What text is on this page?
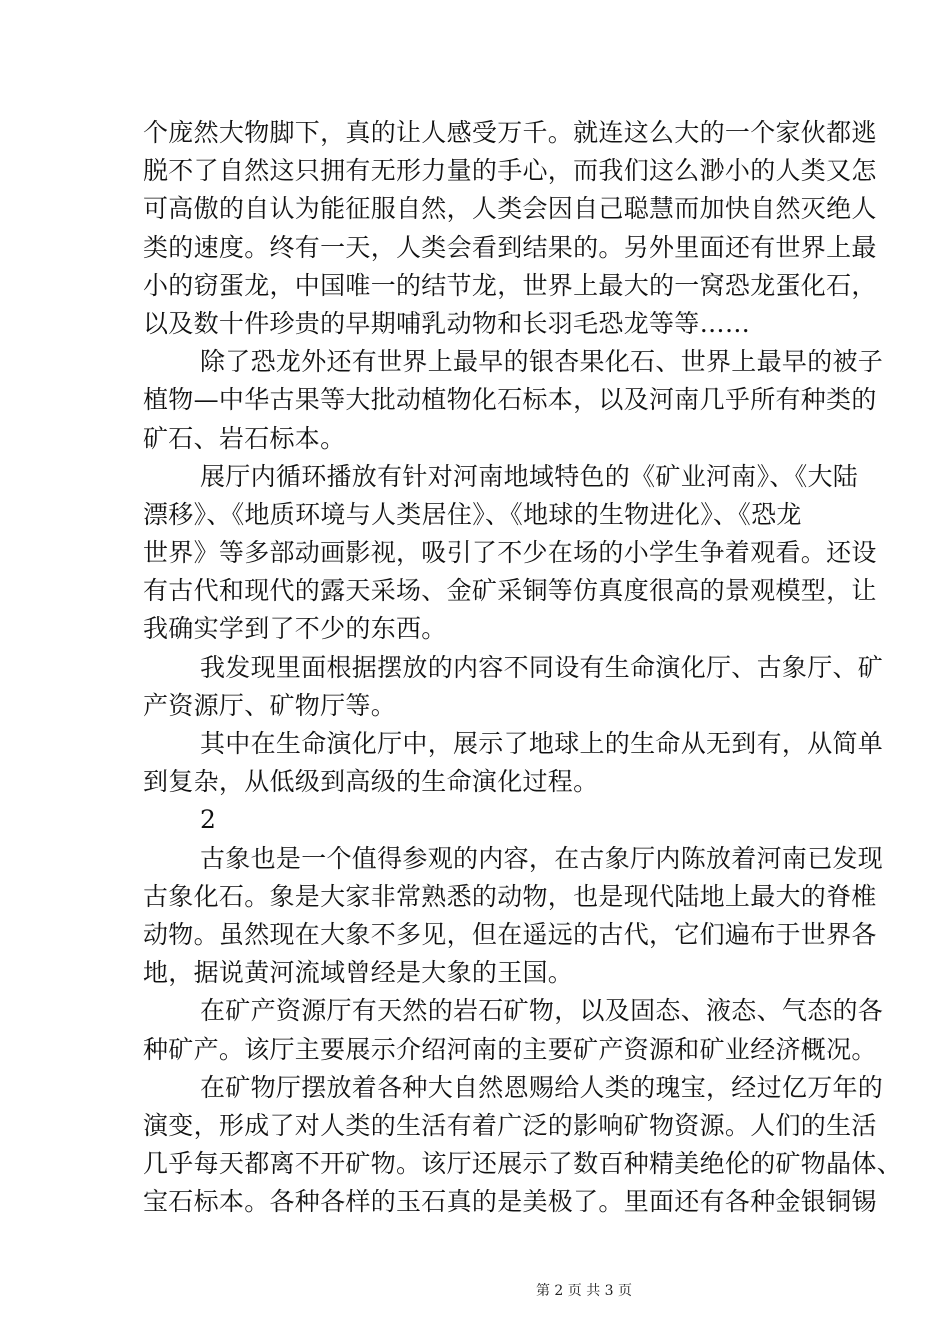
个庞然大物脚下，真的让人感受万千。就连这么大的一个家伙都逃
脱不了自然这只拥有无形力量的手心，而我们这么渺小的人类又怎
可高傲的自认为能征服自然，人类会因自己聪慧而加快自然灭绝人
类的速度。终有一天，人类会看到结果的。另外里面还有世界上最
小的窃蛋龙，中国唯一的结节龙，世界上最大的一窝恐龙蛋化石，
以及数十件珍贵的早期哺乳动物和长羽毛恐龙等等……
除了恐龙外还有世界上最早的银杏果化石、世界上最早的被子
植物—中华古果等大批动植物化石标本，以及河南几乎所有种类的
矿石、岩石标本。
展厅内循环播放有针对河南地域特色的《矿业河南》、《大陆
漂移》、《地质环境与人类居住》、《地球的生物进化》、《恐龙
世界》等多部动画影视，吸引了不少在场的小学生争着观看。还设
有古代和现代的露天采场、金矿采铜等仿真度很高的景观模型，让
我确实学到了不少的东西。
我发现里面根据摆放的内容不同设有生命演化厅、古象厅、矿
产资源厅、矿物厅等。
其中在生命演化厅中，展示了地球上的生命从无到有，从简单
到复杂，从低级到高级的生命演化过程。
2
古象也是一个值得参观的内容，在古象厅内陈放着河南已发现
古象化石。象是大家非常熟悉的动物，也是现代陆地上最大的脊椎
动物。虽然现在大象不多见，但在遥远的古代，它们遍布于世界各
地，据说黄河流域曾经是大象的王国。
在矿产资源厅有天然的岩石矿物，以及固态、液态、气态的各
种矿产。该厅主要展示介绍河南的主要矿产资源和矿业经济概况。
在矿物厅摆放着各种大自然恩赐给人类的瑰宝，经过亿万年的
演变，形成了对人类的生活有着广泛的影响矿物资源。人们的生活
几乎每天都离不开矿物。该厅还展示了数百种精美绝伦的矿物晶体、
宝石标本。各种各样的玉石真的是美极了。里面还有各种金银铜锡
第 2 页 共 3 页
